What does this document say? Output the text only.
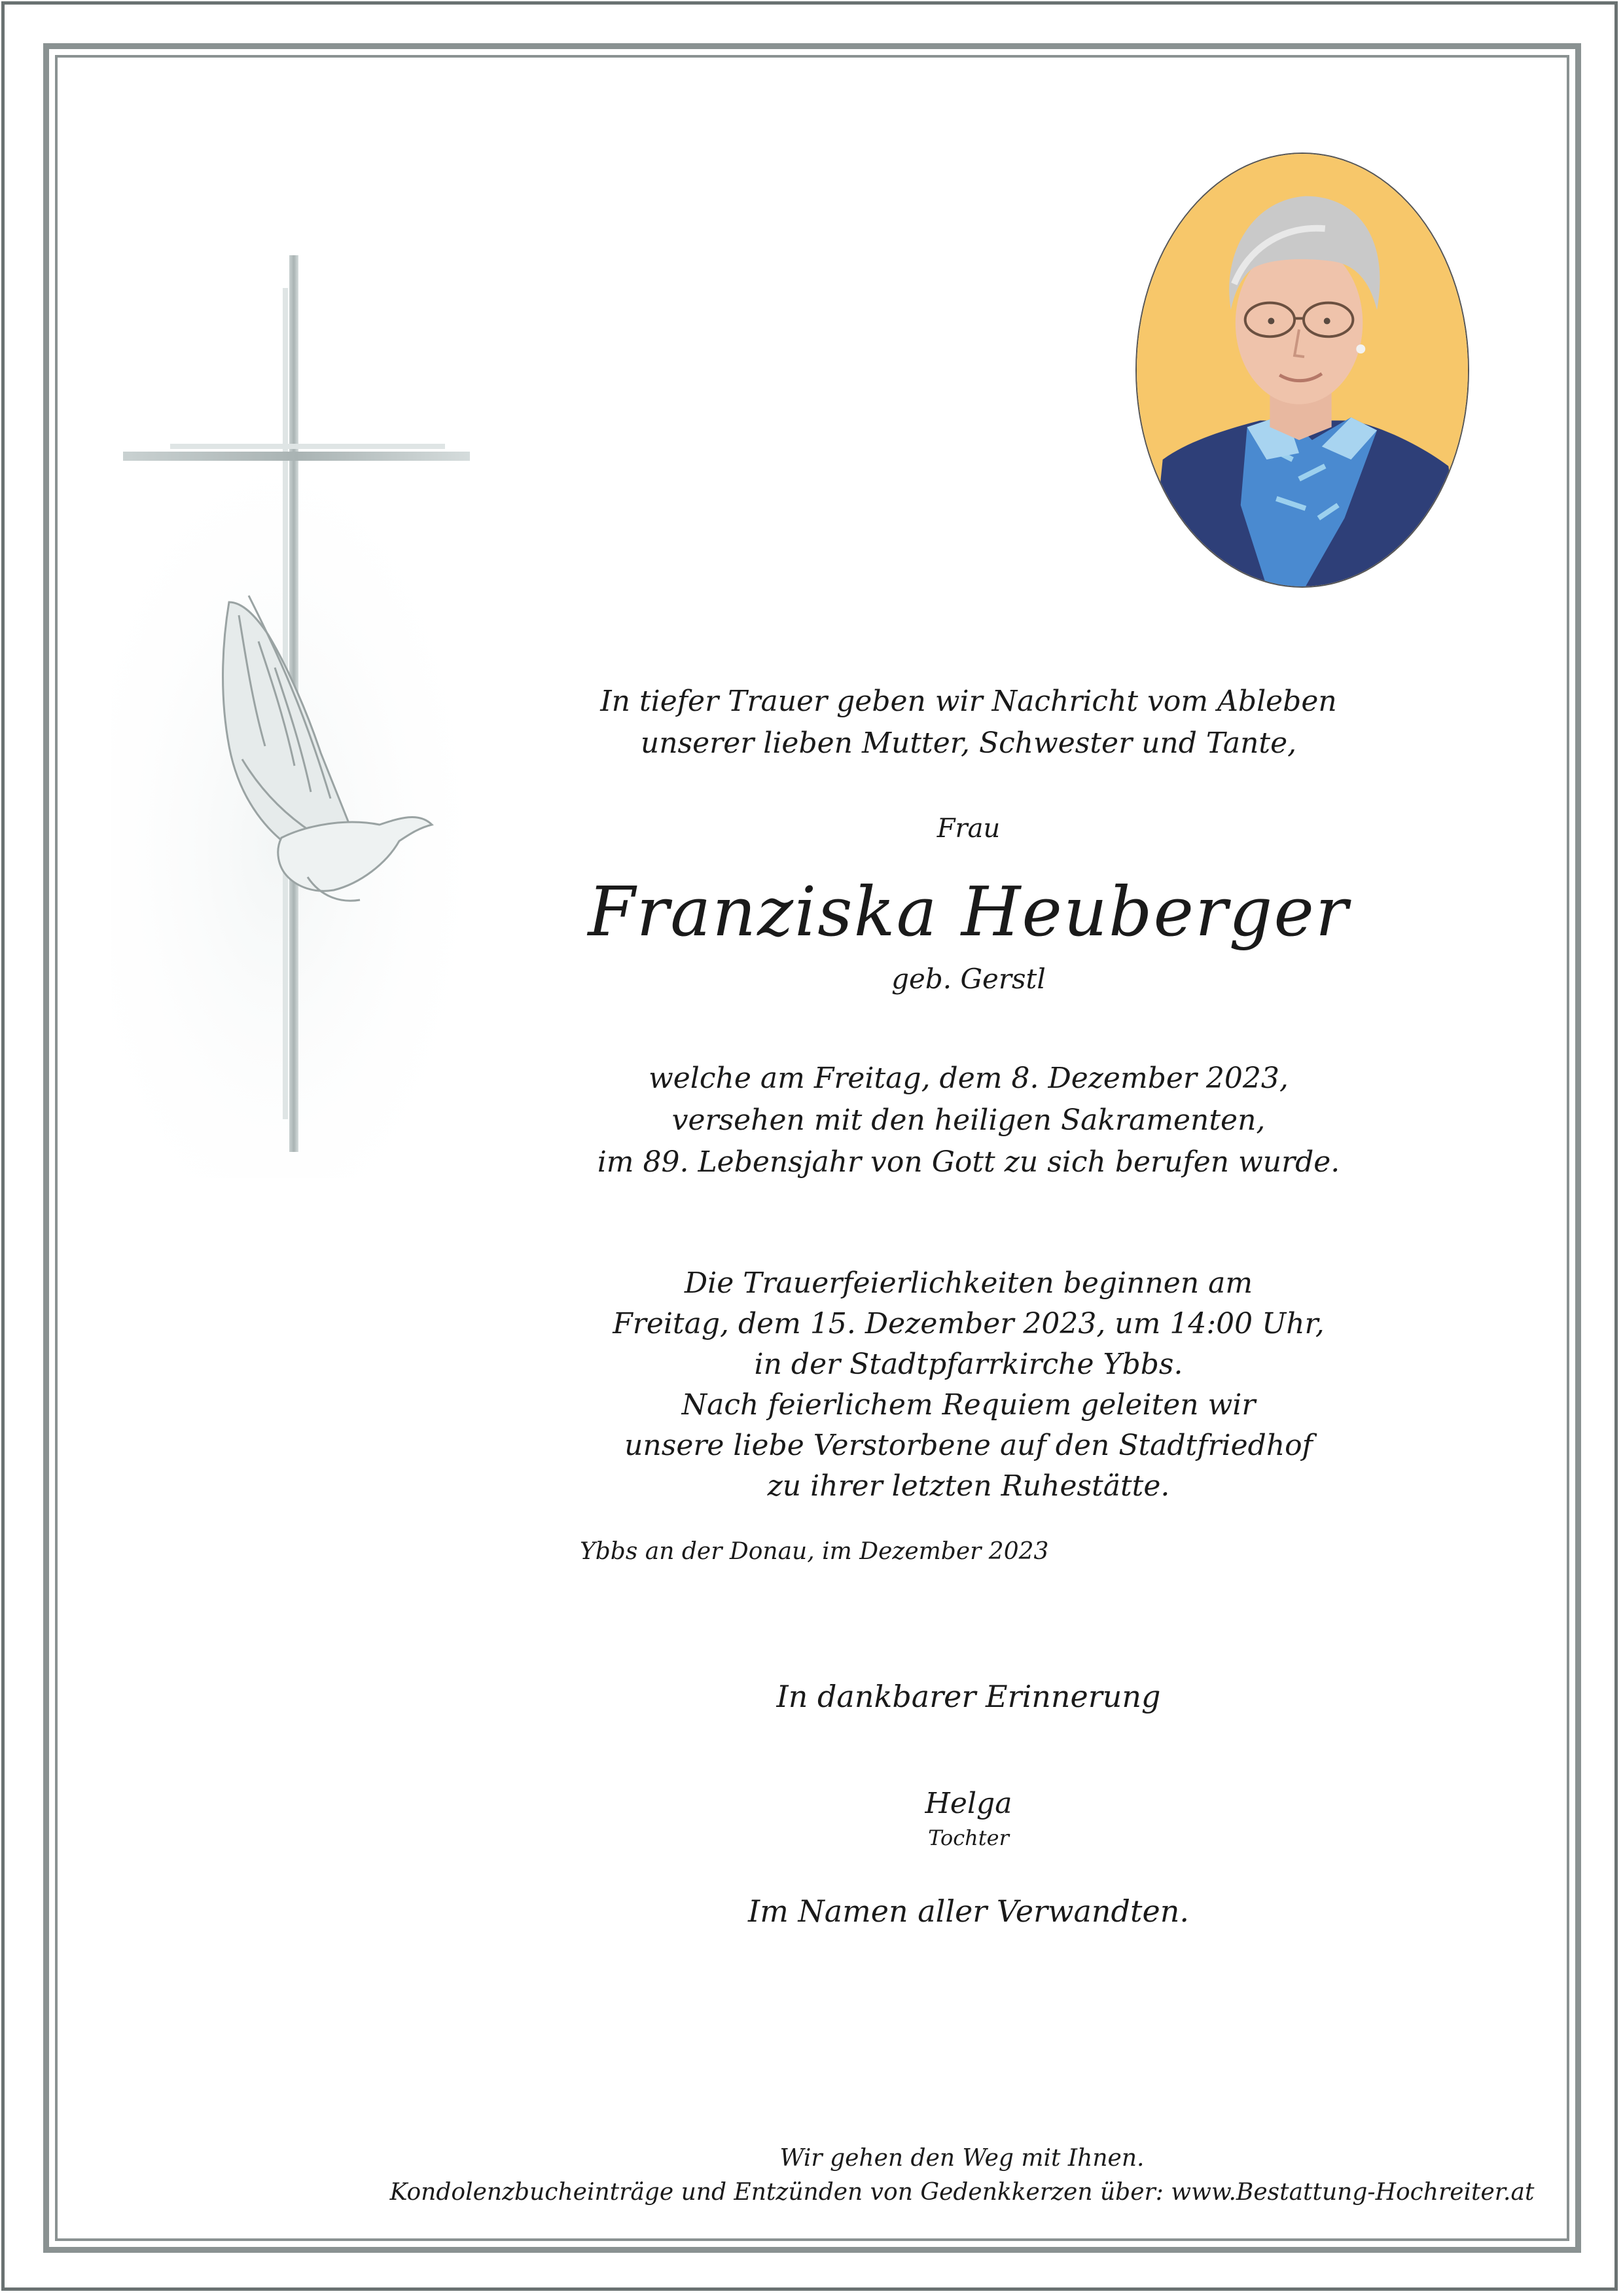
In tiefer Trauer geben wir Nachricht vom Ableben
unserer lieben Mutter, Schwester und Tante,
Frau
Franziska Heuberger
geb. Gerstl
welche am Freitag, dem 8. Dezember 2023,
versehen mit den heiligen Sakramenten,
im 89. Lebensjahr von Gott zu sich berufen wurde.
Die Trauerfeierlichkeiten beginnen am
Freitag, dem 15. Dezember 2023, um 14:00 Uhr,
in der Stadtpfarrkirche Ybbs.
Nach feierlichem Requiem geleiten wir
unsere liebe Verstorbene auf den Stadtfriedhof
zu ihrer letzten Ruhestätte.
Ybbs an der Donau, im Dezember 2023
In dankbarer Erinnerung
Helga
Tochter
Im Namen aller Verwandten.
Wir gehen den Weg mit Ihnen.
Kondolenzbucheinträge und Entzünden von Gedenkkerzen über: www.Bestattung-Hochreiter.at
